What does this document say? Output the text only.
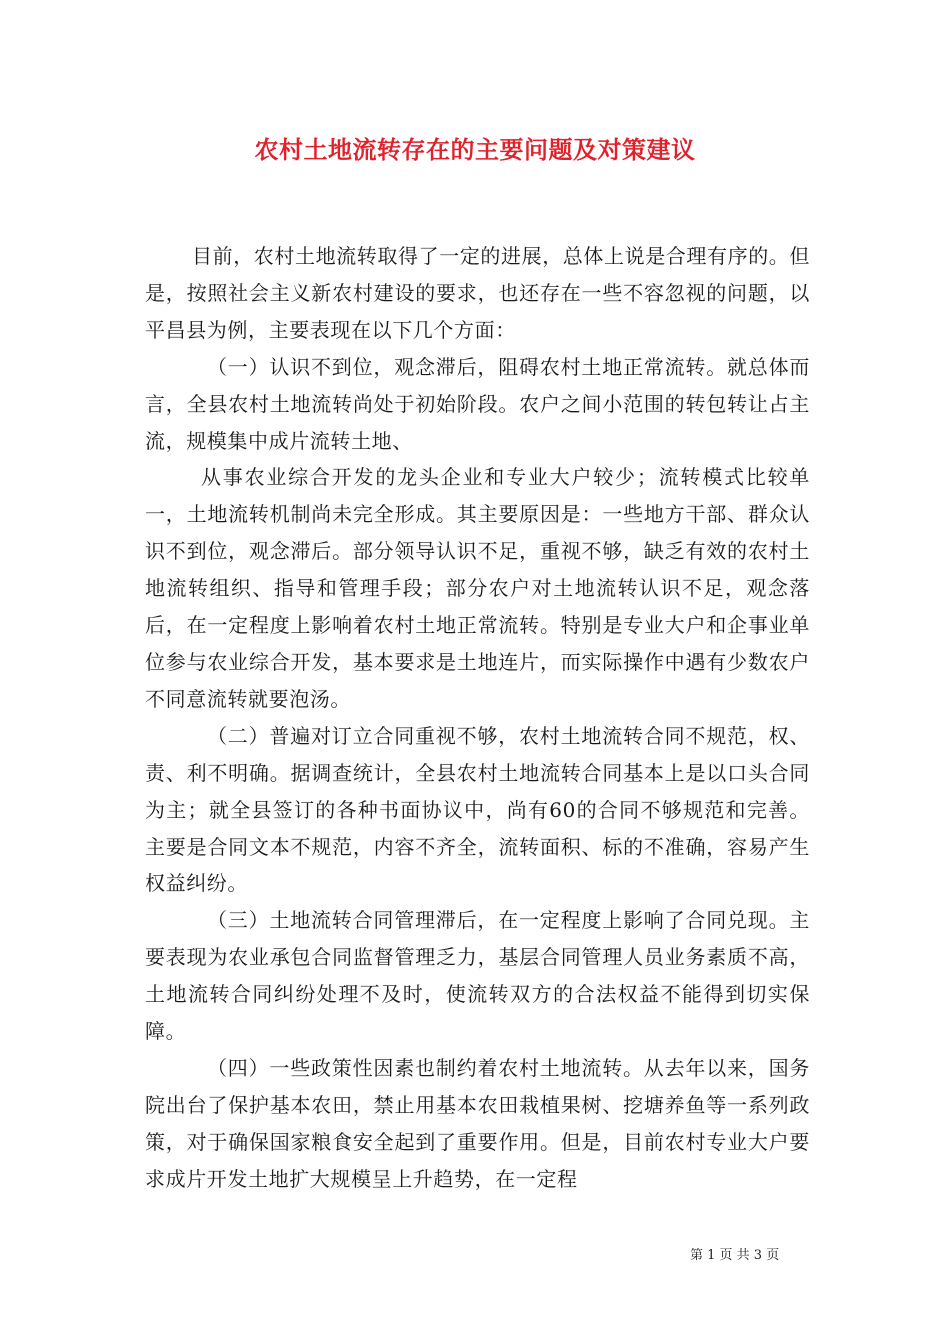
农村土地流转存在的主要问题及对策建议

目前，农村土地流转取得了一定的进展，总体上说是合理有序的。但是，按照社会主义新农村建设的要求，也还存在一些不容忽视的问题，以平昌县为例，主要表现在以下几个方面：

（一）认识不到位，观念滞后，阻碍农村土地正常流转。就总体而言，全县农村土地流转尚处于初始阶段。农户之间小范围的转包转让占主流，规模集中成片流转土地、

从事农业综合开发的龙头企业和专业大户较少；流转模式比较单一，土地流转机制尚未完全形成。其主要原因是：一些地方干部、群众认识不到位，观念滞后。部分领导认识不足，重视不够，缺乏有效的农村土地流转组织、指导和管理手段；部分农户对土地流转认识不足，观念落后，在一定程度上影响着农村土地正常流转。特别是专业大户和企事业单位参与农业综合开发，基本要求是土地连片，而实际操作中遇有少数农户不同意流转就要泡汤。

（二）普遍对订立合同重视不够，农村土地流转合同不规范，权、责、利不明确。据调查统计，全县农村土地流转合同基本上是以口头合同为主；就全县签订的各种书面协议中，尚有60的合同不够规范和完善。主要是合同文本不规范，内容不齐全，流转面积、标的不准确，容易产生权益纠纷。

（三）土地流转合同管理滞后，在一定程度上影响了合同兑现。主要表现为农业承包合同监督管理乏力，基层合同管理人员业务素质不高，土地流转合同纠纷处理不及时，使流转双方的合法权益不能得到切实保障。

（四）一些政策性因素也制约着农村土地流转。从去年以来，国务院出台了保护基本农田，禁止用基本农田栽植果树、挖塘养鱼等一系列政策，对于确保国家粮食安全起到了重要作用。但是，目前农村专业大户要求成片开发土地扩大规模呈上升趋势，在一定程

第 1 页 共 3 页
